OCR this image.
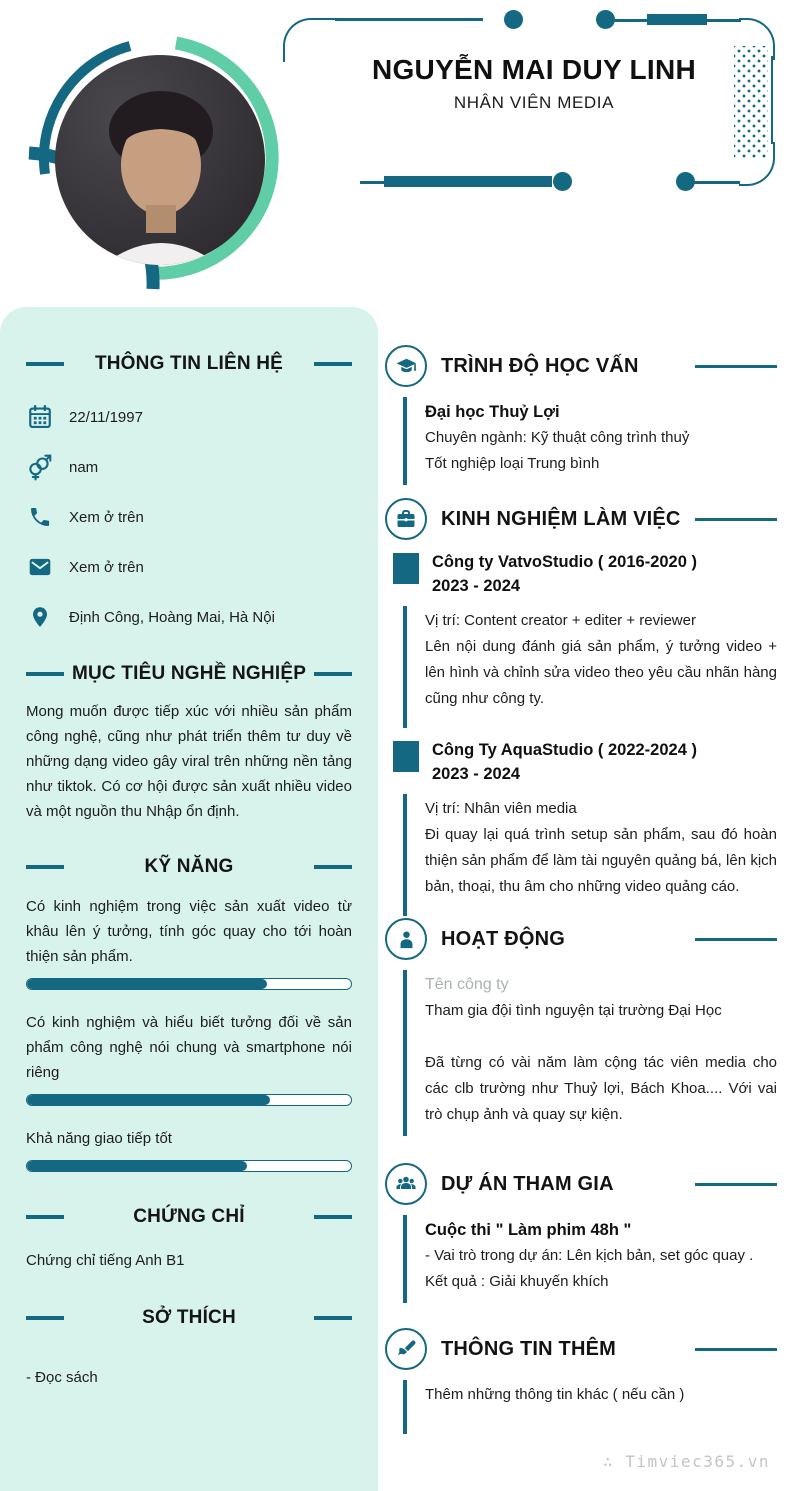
NGUYỄN MAI DUY LINH
NHÂN VIÊN MEDIA
THÔNG TIN LIÊN HỆ
22/11/1997
nam
Xem ở trên
Xem ở trên
Định Công, Hoàng Mai, Hà Nội
MỤC TIÊU NGHỀ NGHIỆP

Mong muốn được tiếp xúc với nhiều sản phẩm công nghệ, cũng như phát triển thêm tư duy về những dạng video gây viral trên những nền tảng như tiktok. Có cơ hội được sản xuất nhiều video và một nguồn thu Nhập ổn định.

KỸ NĂNG

Có kinh nghiệm trong việc sản xuất video từ khâu lên ý tưởng, tính góc quay cho tới hoàn thiện sản phẩm.

Có kinh nghiệm và hiểu biết tưởng đối về sản phẩm công nghệ nói chung và smartphone nói riêng

Khả năng giao tiếp tốt

CHỨNG CHỈ
Chứng chỉ tiếng Anh B1
SỞ THÍCH
- Đọc sách
TRÌNH ĐỘ HỌC VẤN
Đại học Thuỷ Lợi
Chuyên ngành: Kỹ thuật công trình thuỷ
Tốt nghiệp loại Trung bình
KINH NGHIỆM LÀM VIỆC
Công ty VatvoStudio ( 2016-2020 )
2023 - 2024
Vị trí: Content creator + editer + reviewer
Lên nội dung đánh giá sản phẩm, ý tưởng video + lên hình và chỉnh sửa video theo yêu cầu nhãn hàng cũng như công ty.
Công Ty AquaStudio ( 2022-2024 )
2023 - 2024
Vị trí: Nhân viên media
Đi quay lại quá trình setup sản phẩm, sau đó hoàn thiện sản phẩm để làm tài nguyên quảng bá, lên kịch bản, thoại, thu âm cho những video quảng cáo.
HOẠT ĐỘNG
Tên công ty
Tham gia đội tình nguyện tại trường Đại Học
Đã từng có vài năm làm cộng tác viên media cho các clb trường như Thuỷ lợi, Bách Khoa.... Với vai trò chụp ảnh và quay sự kiện.
DỰ ÁN THAM GIA
Cuộc thi " Làm phim 48h "
- Vai trò trong dự án: Lên kịch bản, set góc quay .
Kết quả : Giải khuyến khích
THÔNG TIN THÊM
Thêm những thông tin khác ( nếu cần )
∴ Timviec365.vn
